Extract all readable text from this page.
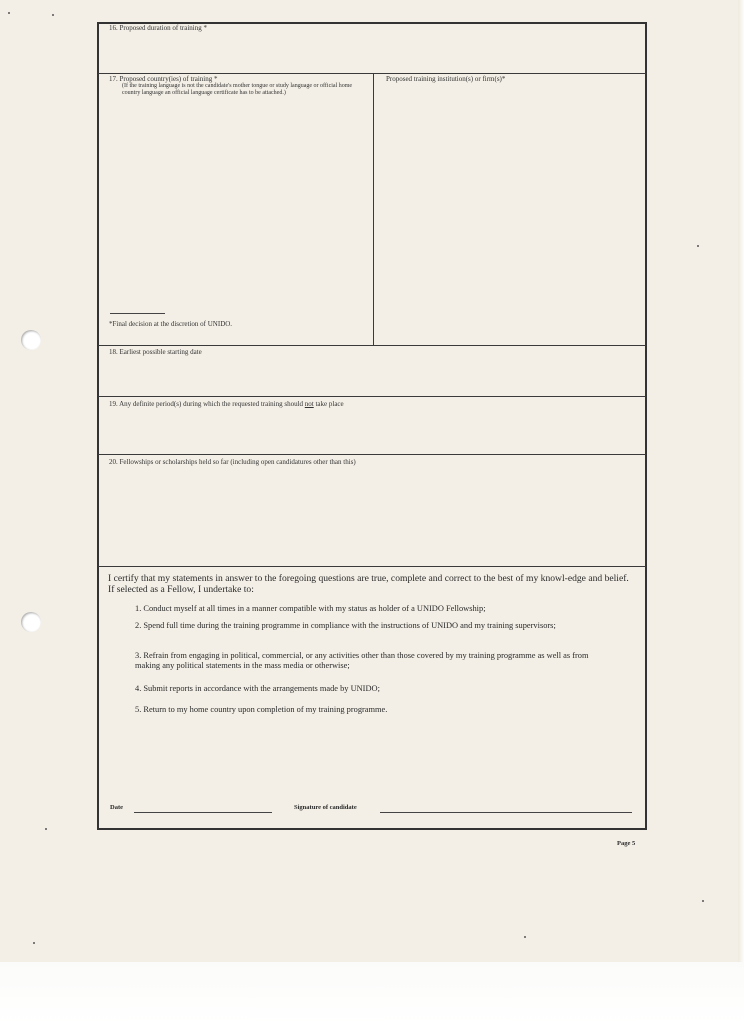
16. Proposed duration of training *
17. Proposed country(ies) of training *
(If the training language is not the candidate's mother tongue or study language or official home country language an official language certificate has to be attached.)
Proposed training institution(s) or firm(s)*
*Final decision at the discretion of UNIDO.
18. Earliest possible starting date
19. Any definite period(s) during which the requested training should not take place
20. Fellowships or scholarships held so far (including open candidatures other than this)
I certify that my statements in answer to the foregoing questions are true, complete and correct to the best of my knowl-edge and belief. If selected as a Fellow, I undertake to:
1. Conduct myself at all times in a manner compatible with my status as holder of a UNIDO Fellowship;
2. Spend full time during the training programme in compliance with the instructions of UNIDO and my training supervisors;
3. Refrain from engaging in political, commercial, or any activities other than those covered by my training programme as well as from making any political statements in the mass media or otherwise;
4. Submit reports in accordance with the arrangements made by UNIDO;
5. Return to my home country upon completion of my training programme.
Date	Signature of candidate
Page 5
